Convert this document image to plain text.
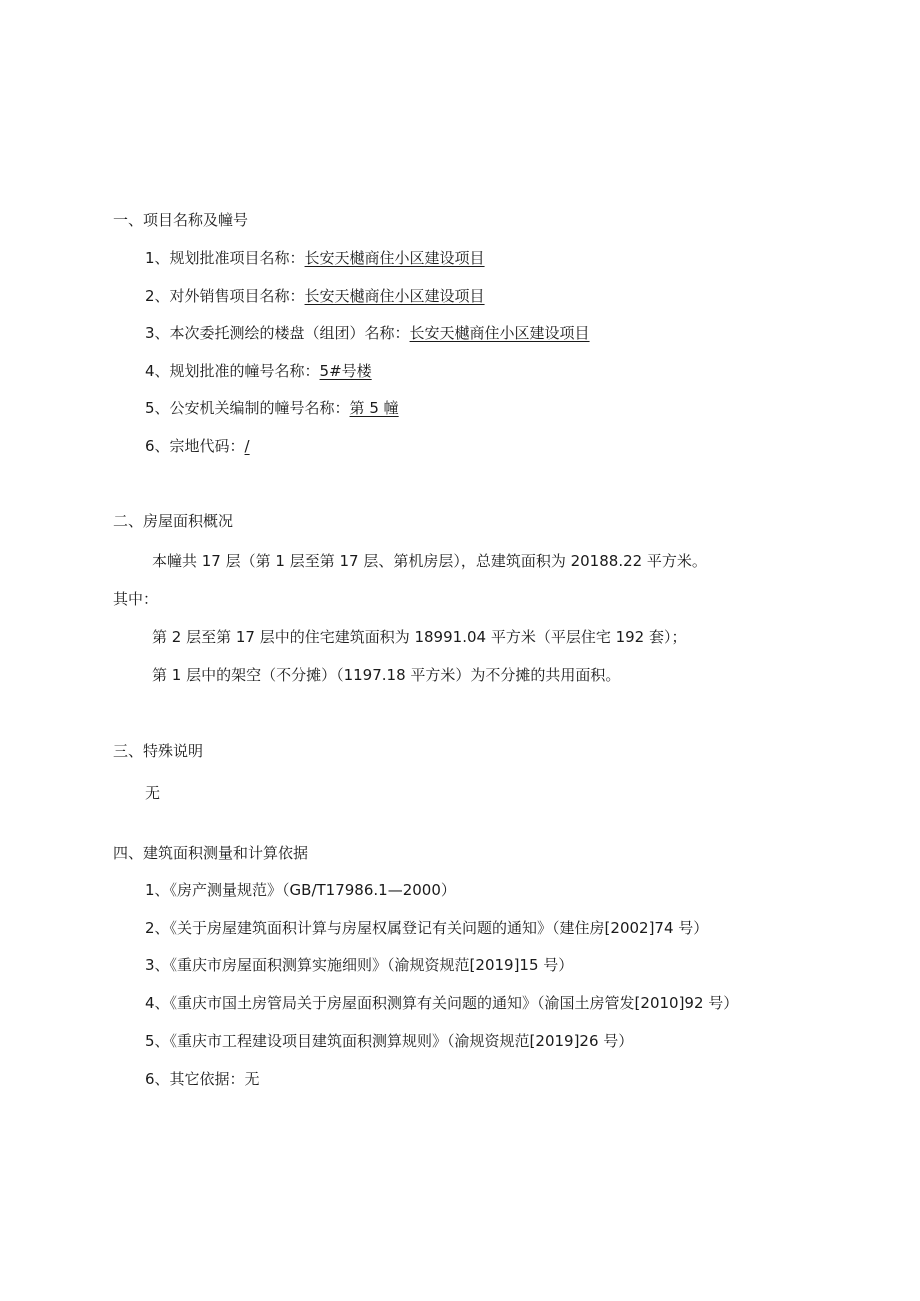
一、项目名称及幢号
1、规划批准项目名称：长安天樾商住小区建设项目
2、对外销售项目名称：长安天樾商住小区建设项目
3、本次委托测绘的楼盘（组团）名称：长安天樾商住小区建设项目
4、规划批准的幢号名称：5#号楼
5、公安机关编制的幢号名称：第 5 幢
6、宗地代码：/
二、房屋面积概况
本幢共 17 层（第 1 层至第 17 层、第机房层），总建筑面积为 20188.22 平方米。
其中：
第 2 层至第 17 层中的住宅建筑面积为 18991.04 平方米（平层住宅 192 套）；
第 1 层中的架空（不分摊）（1197.18 平方米）为不分摊的共用面积。
三、特殊说明
无
四、建筑面积测量和计算依据
1、《房产测量规范》（GB/T17986.1—2000）
2、《关于房屋建筑面积计算与房屋权属登记有关问题的通知》（建住房[2002]74 号）
3、《重庆市房屋面积测算实施细则》（渝规资规范[2019]15 号）
4、《重庆市国土房管局关于房屋面积测算有关问题的通知》（渝国土房管发[2010]92 号）
5、《重庆市工程建设项目建筑面积测算规则》（渝规资规范[2019]26 号）
6、其它依据：无
